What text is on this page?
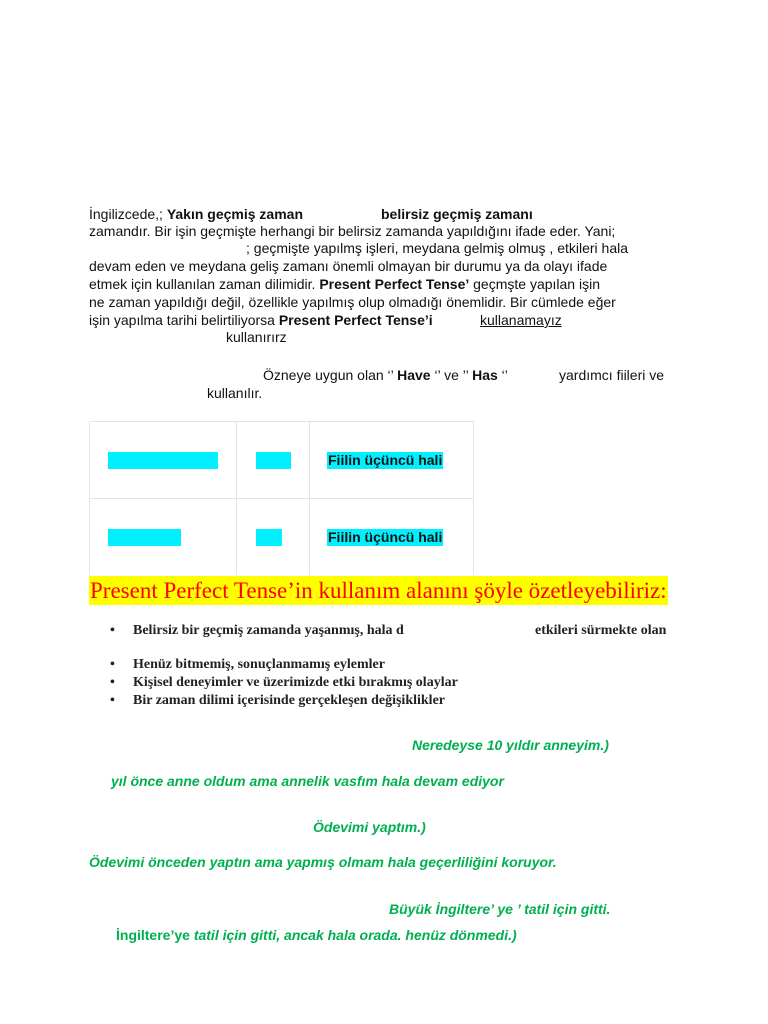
İngilizcede,; Yakın geçmiş zaman	belirsiz geçmiş zamanı
zamandır. Bir işin geçmişte herhangi bir belirsiz zamanda yapıldığını ifade eder. Yani;
; geçmişte yapılmş işleri, meydana gelmiş olmuş , etkileri hala
devam eden ve meydana geliş zamanı önemli olmayan bir durumu ya da olayı ifade
etmek için kullanılan zaman dilimidir. Present Perfect Tense’ geçmşte yapılan işin
ne zaman yapıldığı değil, özellikle yapılmış olup olmadığı önemlidir. Bir cümlede eğer
işin yapılma tarihi belirtiliyorsa Present Perfect Tense’i	kullanamayız
kullanırırz
Özneye uygun olan ‘’ Have ‘’ ve ’’ Has ‘’	yardımcı fiileri ve
kullanılır.
Fiilin üçüncü hali
Fiilin üçüncü hali
Present Perfect Tense’in kullanım alanını şöyle özetleyebiliriz:
• Belirsiz bir geçmiş zamanda yaşanmış, hala d	etkileri sürmekte olan
• Henüz bitmemiş, sonuçlanmamış eylemler
• Kişisel deneyimler ve üzerimizde etki bırakmış olaylar
• Bir zaman dilimi içerisinde gerçekleşen değişiklikler
Neredeyse 10 yıldır anneyim.)
yıl önce anne oldum ama annelik vasfım hala devam ediyor
Ödevimi yaptım.)
Ödevimi önceden yaptın ama yapmış olmam hala geçerliliğini koruyor.
Büyük İngiltere’ ye ’ tatil için gitti.
İngiltere’ye tatil için gitti, ancak hala orada. henüz dönmedi.)
